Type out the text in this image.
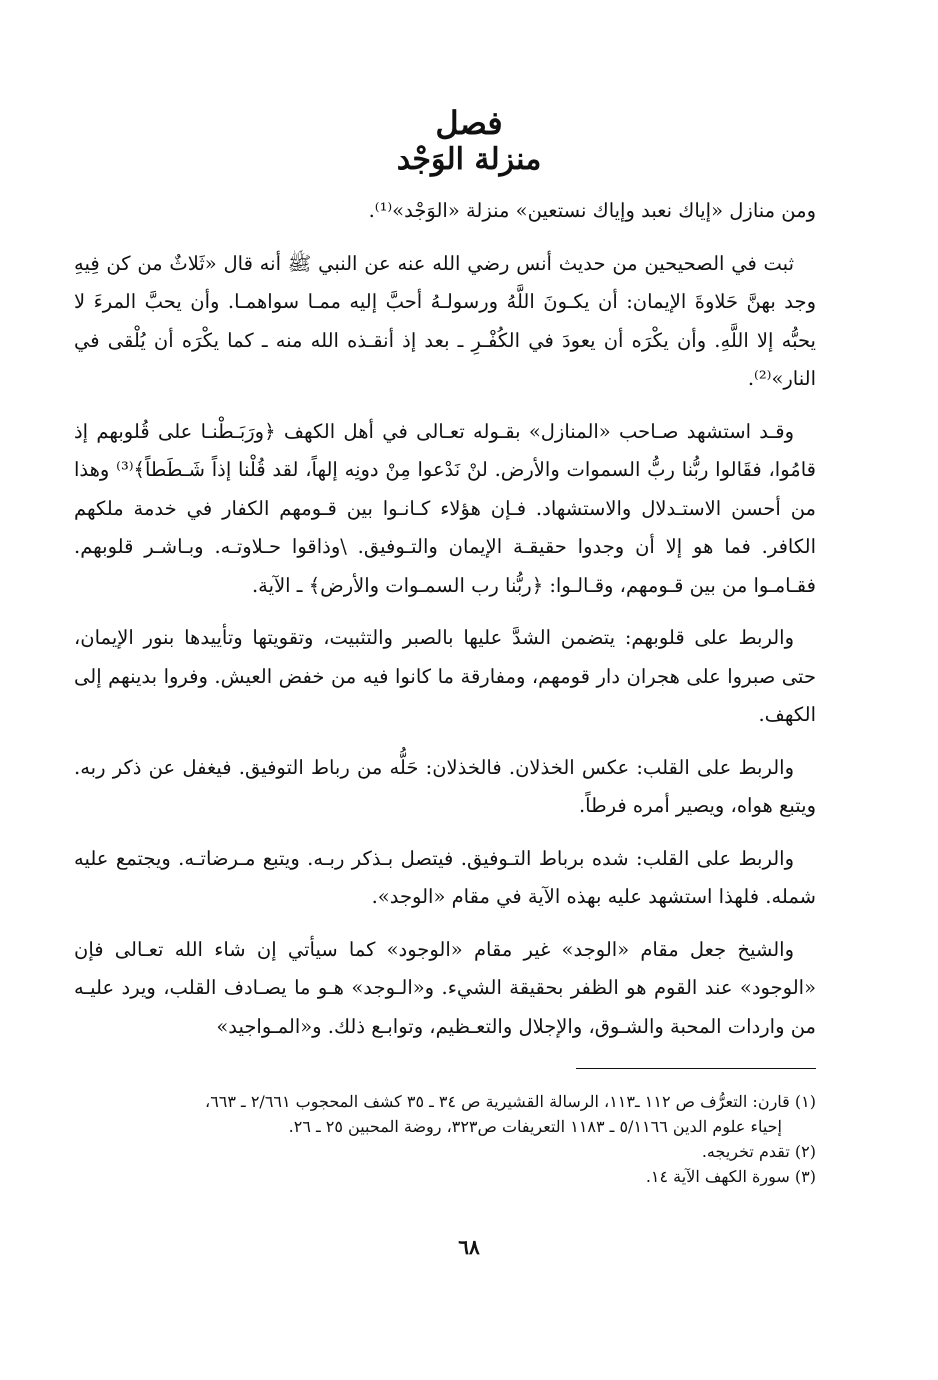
فصل
منزلة الوَجْد

ومن منازل «إياك نعبد وإياك نستعين» منزلة «الوَجْد»⁽¹⁾.

ثبت في الصحيحين من حديث أنس رضي الله عنه عن النبي ﷺ أنه قال «ثَلاثٌ من كن فِيهِ وجد بهنَّ حَلاوةَ الإيمان: أن يكـونَ اللَّهُ ورسولـهُ أحبَّ إليه ممـا سواهمـا. وأن يحبَّ المرءَ لا يحبُّه إلا اللَّهِ. وأن يكْرَه أن يعودَ في الكُفْـرِ ـ بعد إذ أنقـذه الله منه ـ كما يكْرَه أن يُلْقى في النار»⁽²⁾.

وقـد استشهد صـاحب «المنازل» بقـوله تعـالى في أهل الكهف ﴿ورَبَـطْنـا على قُلوبهم إذ قامُوا، فقَالوا ربُّنا ربُّ السموات والأرض. لنْ نَدْعوا مِنْ دونِه إلهاً، لقد قُلْنا إذاً شَـطَطاً﴾⁽³⁾ وهذا من أحسن الاستـدلال والاستشهاد. فـإن هؤلاء كـانـوا بين قـومهم الكفار في خدمة ملكهم الكافر. فما هو إلا أن وجدوا حقيقـة الإيمان والتـوفيق. \وذاقوا حـلاوتـه. وبـاشـر قلوبهم. فقـامـوا من بين قـومهم، وقـالـوا: ﴿ربُّنا رب السمـوات والأرض﴾ ـ الآية.

والربط على قلوبهم: يتضمن الشدَّ عليها بالصبر والتثبيت، وتقويتها وتأييدها بنور الإيمان، حتى صبروا على هجران دار قومهم، ومفارقة ما كانوا فيه من خفض العيش. وفروا بدينهم إلى الكهف.

والربط على القلب: عكس الخذلان. فالخذلان: حَلُّه من رباط التوفيق. فيغفل عن ذكر ربه. ويتبع هواه، ويصير أمره فرطاً.

والربط على القلب: شده برباط التـوفيق. فيتصل بـذكر ربـه. ويتبع مـرضاتـه. ويجتمع عليه شمله. فلهذا استشهد عليه بهذه الآية في مقام «الوجد».

والشيخ جعل مقام «الوجد» غير مقام «الوجود» كما سيأتي إن شاء الله تعـالى فإن «الوجود» عند القوم هو الظفر بحقيقة الشيء. و«الـوجد» هـو ما يصـادف القلب، ويرد عليـه من واردات المحبة والشـوق، والإجلال والتعـظيم، وتوابـع ذلك. و«المـواجيد»

(١) قارن: التعرُّف ص ١١٢ ـ١١٣، الرسالة القشيرية ص ٣٤ ـ ٣٥ كشف المحجوب ٢/٦٦١ ـ ٦٦٣،

إحياء علوم الدين ٥/١١٦٦ ـ ١١٨٣ التعريفات ص٣٢٣، روضة المحبين ٢٥ ـ ٢٦.

(٢) تقدم تخريجه.

(٣) سورة الكهف الآية ١٤.

٦٨
